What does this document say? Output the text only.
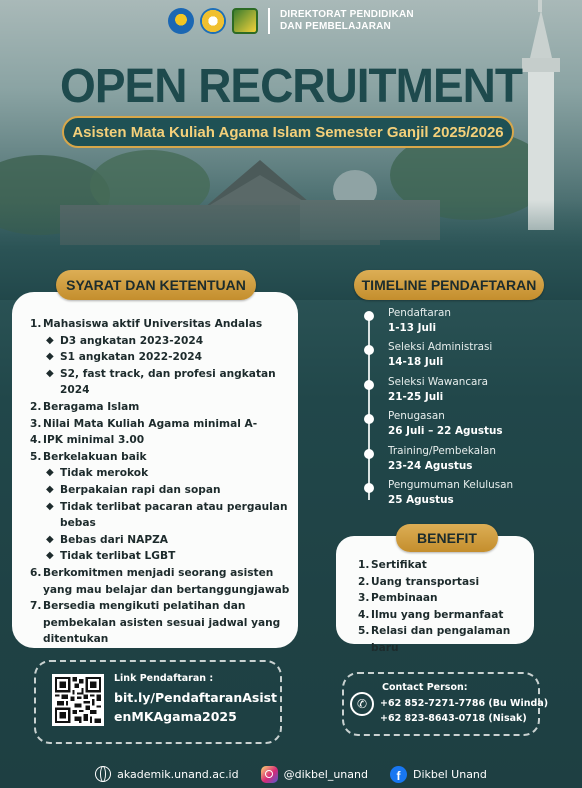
DIREKTORAT PENDIDIKAN
DAN PEMBELAJARAN
OPEN RECRUITMENT
Asisten Mata Kuliah Agama Islam Semester Ganjil 2025/2026
SYARAT DAN KETENTUAN
1. Mahasiswa aktif Universitas Andalas
◆ D3 angkatan 2023-2024
◆ S1 angkatan 2022-2024
◆ S2, fast track, dan profesi angkatan 2024
2. Beragama Islam
3. Nilai Mata Kuliah Agama minimal A-
4. IPK minimal 3.00
5. Berkelakuan baik
◆ Tidak merokok
◆ Berpakaian rapi dan sopan
◆ Tidak terlibat pacaran atau pergaulan bebas
◆ Bebas dari NAPZA
◆ Tidak terlibat LGBT
6. Berkomitmen menjadi seorang asisten yang mau belajar dan bertanggungjawab
7. Bersedia mengikuti pelatihan dan pembekalan asisten sesuai jadwal yang ditentukan
TIMELINE PENDAFTARAN
Pendaftaran
1-13 Juli
Seleksi Administrasi
14-18 Juli
Seleksi Wawancara
21-25 Juli
Penugasan
26 Juli – 22 Agustus
Training/Pembekalan
23-24 Agustus
Pengumuman Kelulusan
25 Agustus
BENEFIT
1. Sertifikat
2. Uang transportasi
3. Pembinaan
4. Ilmu yang bermanfaat
5. Relasi dan pengalaman baru
Link Pendaftaran :
bit.ly/PendaftaranAsistenMKAgama2025
✆
Contact Person:
+62 852-7271-7786 (Bu Winda)
+62 823-8643-0718 (Nisak)
akademik.unand.ac.id	@dikbel_unand	f	Dikbel Unand
